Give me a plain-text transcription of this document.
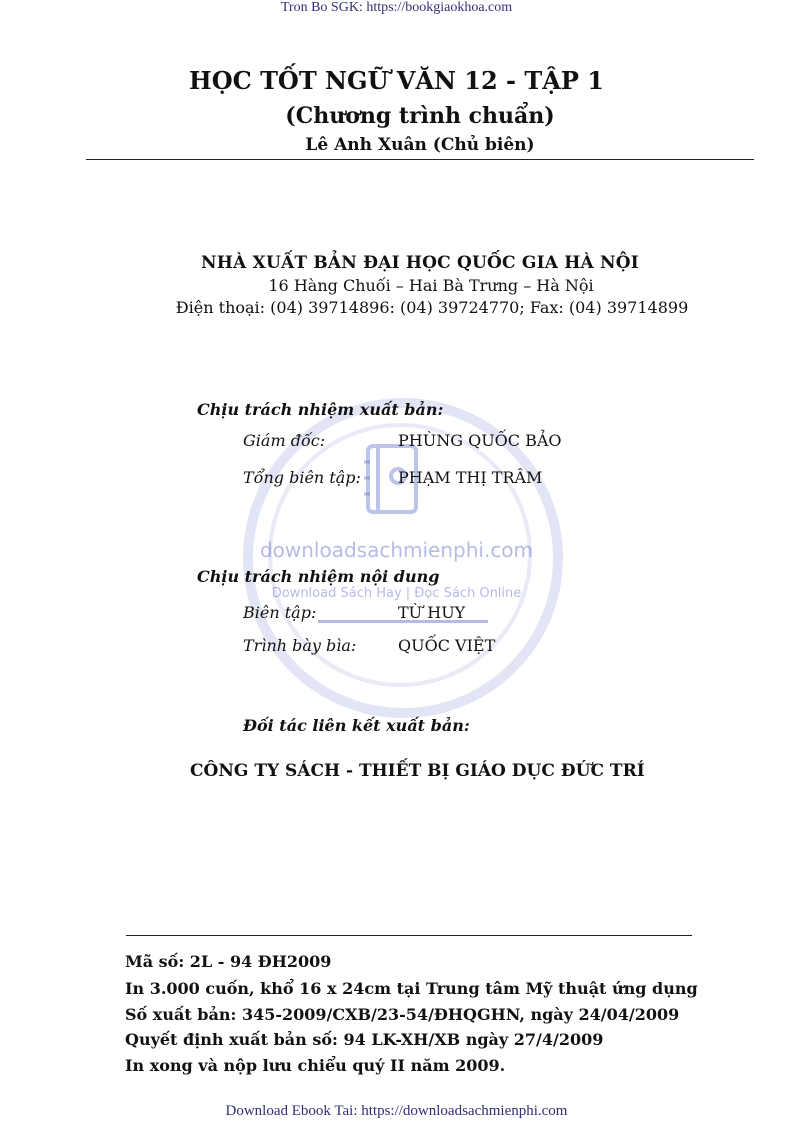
Tron Bo SGK: https://bookgiaokhoa.com
downloadsachmienphi.com
Download Sách Hay | Đọc Sách Online
HỌC TỐT NGỮ VĂN 12 - TẬP 1
(Chương trình chuẩn)
Lê Anh Xuân (Chủ biên)
NHÀ XUẤT BẢN ĐẠI HỌC QUỐC GIA HÀ NỘI
16 Hàng Chuối – Hai Bà Trưng – Hà Nội
Điện thoại: (04) 39714896: (04) 39724770; Fax: (04) 39714899
Chịu trách nhiệm xuất bản:
Giám đốc:	PHÙNG QUỐC BẢO
Tổng biên tập: PHẠM THỊ TRÂM
Chịu trách nhiệm nội dung
Biên tập:	TỪ HUY
Trình bày bìa:	QUỐC VIỆT
Đối tác liên kết xuất bản:
CÔNG TY SÁCH - THIẾT BỊ GIÁO DỤC ĐỨC TRÍ
Mã số: 2L - 94 ĐH2009
In 3.000 cuốn, khổ 16 x 24cm tại Trung tâm Mỹ thuật ứng dụng
Số xuất bản: 345-2009/CXB/23-54/ĐHQGHN, ngày 24/04/2009
Quyết định xuất bản số: 94 LK-XH/XB ngày 27/4/2009
In xong và nộp lưu chiểu quý II năm 2009.
Download Ebook Tai: https://downloadsachmienphi.com
